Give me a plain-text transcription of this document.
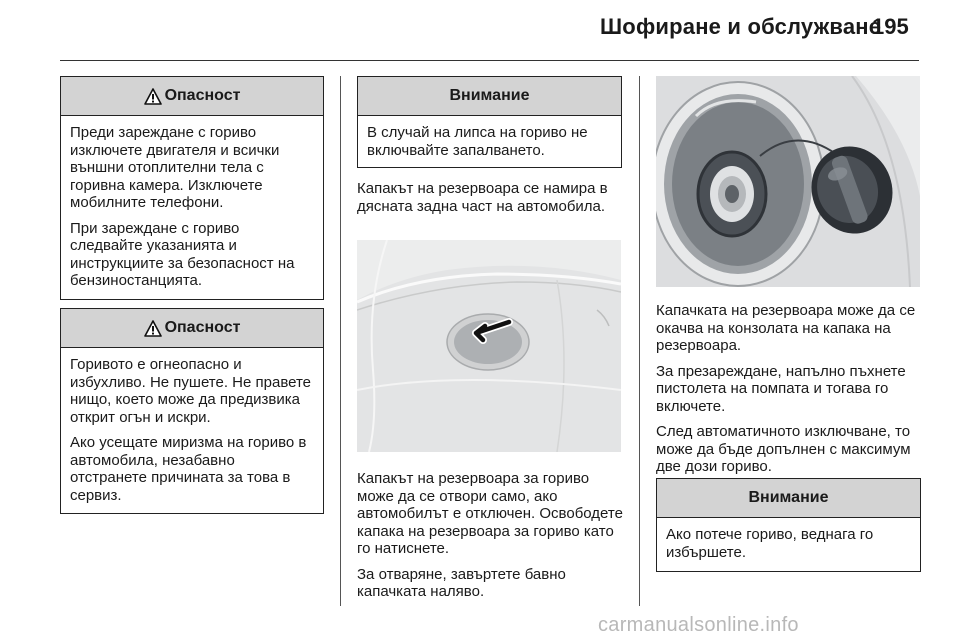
Шофиране и обслужване
195
Опасност

Преди зареждане с гориво изключете двигателя и всички външни отоплителни тела с горивна камера. Изключете мобилните телефони.

При зареждане с гориво следвайте указанията и инструкциите за безопасност на бензиностанцията.

Опасност

Горивото е огнеопасно и избухливо. Не пушете. Не правете нищо, което може да предизвика открит огън и искри.

Ако усещате миризма на гориво в автомобила, незабавно отстранете причината за това в сервиз.

Внимание

В случай на липса на гориво не включвайте запалването.

Капакът на резервоара се намира в дясната задна част на автомобила.

Капакът на резервоара за гориво може да се отвори само, ако автомобилът е отключен. Освободете капака на резервоара за гориво като го натиснете.

За отваряне, завъртете бавно капачката наляво.

Капачката на резервоара може да се окачва на конзолата на капака на резервоара.

За презареждане, напълно пъхнете пистолета на помпата и тогава го включете.

След автоматичното изключване, то може да бъде допълнен с максимум две дози гориво.

Внимание

Ако потече гориво, веднага го избършете.

carmanualsonline.info
